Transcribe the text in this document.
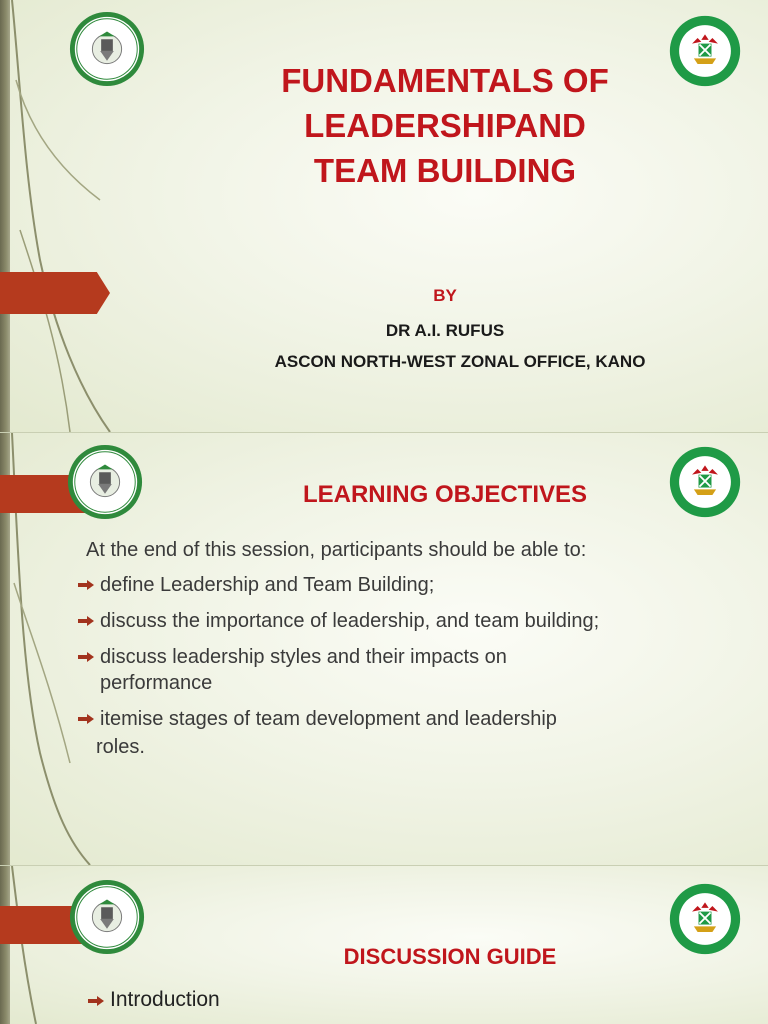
FUNDAMENTALS OF
LEADERSHIPAND
TEAM BUILDING
BY
DR A.I. RUFUS
ASCON NORTH-WEST ZONAL OFFICE, KANO
LEARNING OBJECTIVES

At the end of this session, participants should be able to:

define Leadership and Team Building;
discuss the importance of leadership, and team building;
discuss leadership styles and their impacts on performance
itemise stages of team development and leadership

roles.

DISCUSSION GUIDE
Introduction
